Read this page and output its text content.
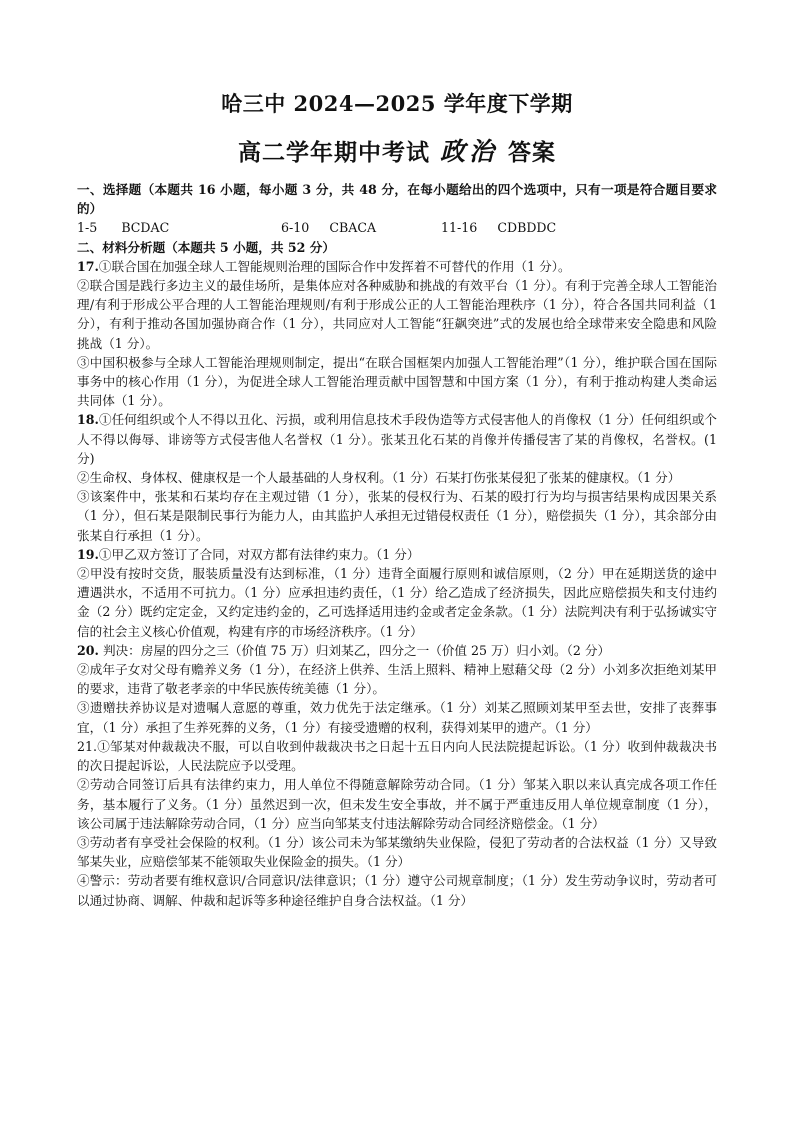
哈三中 2024—2025 学年度下学期
高二学年期中考试 政治 答案

一、选择题（本题共 16 小题，每小题 3 分，共 48 分，在每小题给出的四个选项中，只有一项是符合题目要求的）

1-5 BCDAC	6-10 CBACA	11-16 CDBDDC

二、材料分析题（本题共 5 小题，共 52 分）

17.①联合国在加强全球人工智能规则治理的国际合作中发挥着不可替代的作用（1 分）。

②联合国是践行多边主义的最佳场所，是集体应对各种威胁和挑战的有效平台（1 分）。有利于完善全球人工智能治理/有利于形成公平合理的人工智能治理规则/有利于形成公正的人工智能治理秩序（1 分），符合各国共同利益（1 分），有利于推动各国加强协商合作（1 分），共同应对人工智能“狂飙突进”式的发展也给全球带来安全隐患和风险挑战（1 分）。

③中国积极参与全球人工智能治理规则制定，提出“在联合国框架内加强人工智能治理”（1 分），维护联合国在国际事务中的核心作用（1 分），为促进全球人工智能治理贡献中国智慧和中国方案（1 分），有利于推动构建人类命运共同体（1 分）。

18.①任何组织或个人不得以丑化、污损，或利用信息技术手段伪造等方式侵害他人的肖像权（1 分）任何组织或个人不得以侮辱、诽谤等方式侵害他人名誉权（1 分）。张某丑化石某的肖像并传播侵害了某的肖像权，名誉权。(1 分)

②生命权、身体权、健康权是一个人最基础的人身权利。（1 分）石某打伤张某侵犯了张某的健康权。（1 分）

③该案件中，张某和石某均存在主观过错（1 分），张某的侵权行为、石某的殴打行为均与损害结果构成因果关系（1 分），但石某是限制民事行为能力人，由其监护人承担无过错侵权责任（1 分），赔偿损失（1 分），其余部分由张某自行承担（1 分）。

19.①甲乙双方签订了合同，对双方都有法律约束力。（1 分）

②甲没有按时交货，服装质量没有达到标准，（1 分）违背全面履行原则和诚信原则，（2 分）甲在延期送货的途中遭遇洪水，不适用不可抗力。（1 分）应承担违约责任，（1 分）给乙造成了经济损失，因此应赔偿损失和支付违约金（2 分）既约定定金，又约定违约金的，乙可选择适用违约金或者定金条款。（1 分）法院判决有利于弘扬诚实守信的社会主义核心价值观，构建有序的市场经济秩序。（1 分）

20. 判决：房屋的四分之三（价值 75 万）归刘某乙，四分之一（价值 25 万）归小刘。（2 分）

②成年子女对父母有赡养义务（1 分），在经济上供养、生活上照料、精神上慰藉父母（2 分）小刘多次拒绝刘某甲的要求，违背了敬老孝亲的中华民族传统美德（1 分）。

③遗赠扶养协议是对遗嘱人意愿的尊重，效力优先于法定继承。（1 分）刘某乙照顾刘某甲至去世，安排了丧葬事宜，（1 分）承担了生养死葬的义务，（1 分）有接受遗赠的权利，获得刘某甲的遗产。（1 分）

21.①邹某对仲裁裁决不服，可以自收到仲裁裁决书之日起十五日内向人民法院提起诉讼。（1 分）收到仲裁裁决书的次日提起诉讼，人民法院应予以受理。

②劳动合同签订后具有法律约束力，用人单位不得随意解除劳动合同。（1 分）邹某入职以来认真完成各项工作任务，基本履行了义务。（1 分）虽然迟到一次，但未发生安全事故，并不属于严重违反用人单位规章制度（1 分），该公司属于违法解除劳动合同，（1 分）应当向邹某支付违法解除劳动合同经济赔偿金。（1 分）

③劳动者有享受社会保险的权利。（1 分）该公司未为邹某缴纳失业保险，侵犯了劳动者的合法权益（1 分）又导致邹某失业，应赔偿邹某不能领取失业保险金的损失。（1 分）

④警示：劳动者要有维权意识/合同意识/法律意识；（1 分）遵守公司规章制度；（1 分）发生劳动争议时，劳动者可以通过协商、调解、仲裁和起诉等多种途径维护自身合法权益。（1 分）
